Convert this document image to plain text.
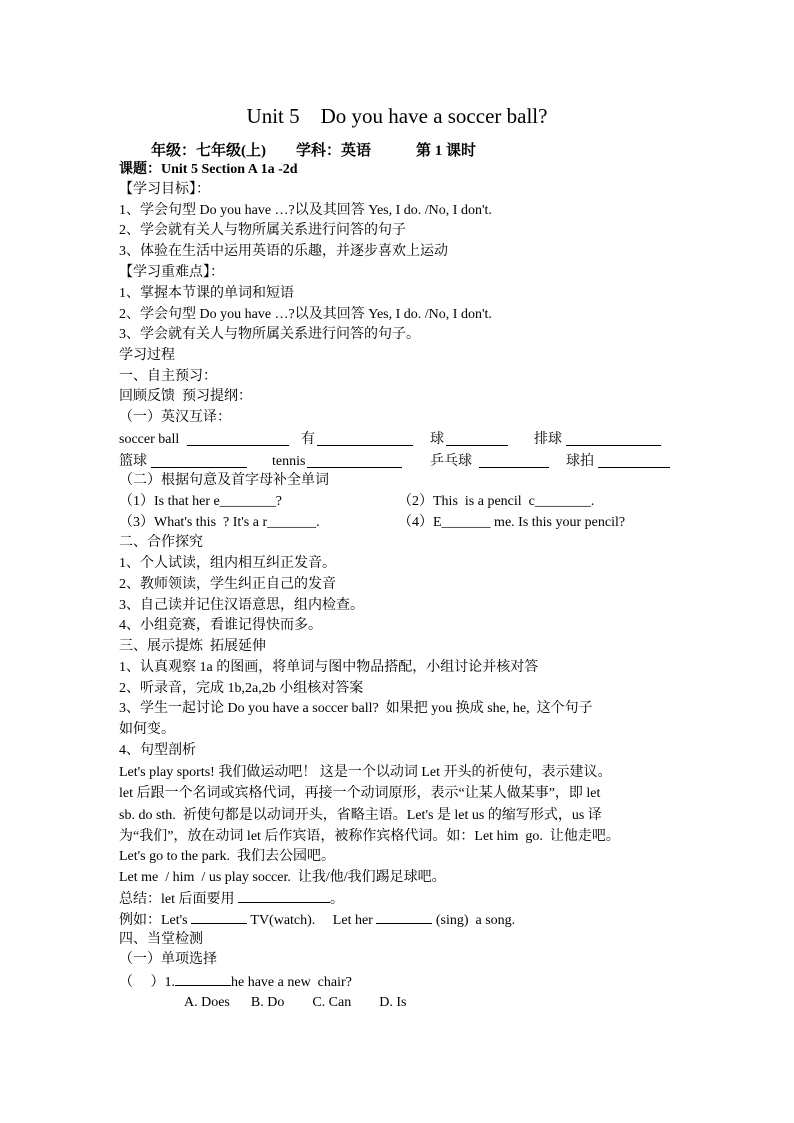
Unit 5    Do you have a soccer ball?
年级：七年级(上) 学科：英语	第 1 课时
课题：Unit 5 Section A 1a -2d
【学习目标】：
1、学会句型 Do you have …?以及其回答 Yes, I do. /No, I don't.
2、学会就有关人与物所属关系进行问答的句子
3、体验在生活中运用英语的乐趣，并逐步喜欢上运动
【学习重难点】：
1、掌握本节课的单词和短语
2、学会句型 Do you have …?以及其回答 Yes, I do. /No, I don't.
3、学会就有关人与物所属关系进行问答的句子。
学习过程
一、自主预习：
回顾反馈  预习提纲：
（一）英汉互译：
soccer ball	有	球	排球
篮球	tennis	乒乓球	球拍
（二）根据句意及首字母补全单词
（1）Is that her e________?	（2）This  is a pencil  c________.
（3）What's this  ? It's a r_______.	（4）E_______ me. Is this your pencil?
二、合作探究
1、个人试读，组内相互纠正发音。
2、教师领读，学生纠正自己的发音
3、自己读并记住汉语意思，组内检查。
4、小组竞赛，看谁记得快而多。
三、展示提炼  拓展延伸
1、认真观察 1a 的图画，将单词与图中物品搭配，小组讨论并核对答
2、听录音，完成 1b,2a,2b 小组核对答案
3、学生一起讨论 Do you have a soccer ball?  如果把 you 换成 she, he,  这个句子
如何变。
4、句型剖析
Let's play sports! 我们做运动吧！ 这是一个以动词 Let 开头的祈使句，表示建议。
let 后跟一个名词或宾格代词，再接一个动词原形，表示“让某人做某事”，即 let
sb. do sth.  祈使句都是以动词开头，省略主语。Let's 是 let us 的缩写形式，us 译
为“我们”，放在动词 let 后作宾语，被称作宾格代词。如：Let him  go.  让他走吧。
Let's go to the park.  我们去公园吧。
Let me  / him  / us play soccer.  让我/他/我们踢足球吧。
总结：let 后面要用	。
例如：Let's	TV(watch).     Let her	(sing)  a song.
四、当堂检测
（一）单项选择
（     ）1.	he have a new  chair?
A. Does      B. Do        C. Can        D. Is
